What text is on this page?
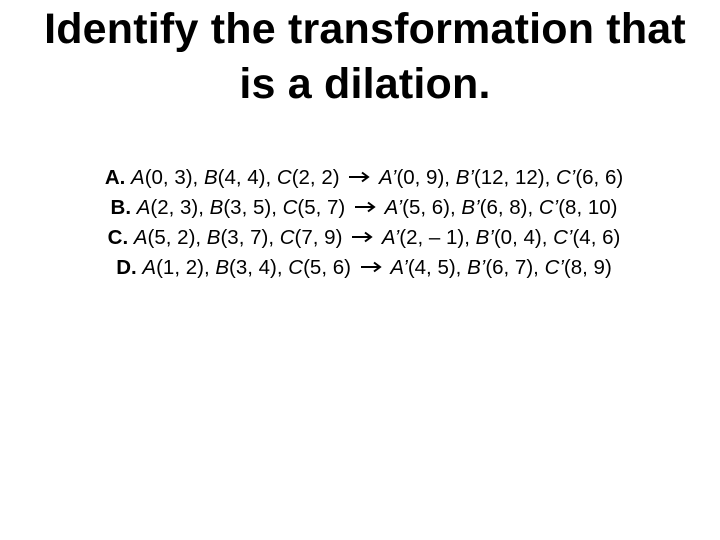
Identify the transformation that
is a dilation.
A. A(0, 3), B(4, 4), C(2, 2) A’(0, 9), B’(12, 12), C’(6, 6)
B. A(2, 3), B(3, 5), C(5, 7) A’(5, 6), B’(6, 8), C’(8, 10)
C. A(5, 2), B(3, 7), C(7, 9) A’(2, – 1), B’(0, 4), C’(4, 6)
D. A(1, 2), B(3, 4), C(5, 6) A’(4, 5), B’(6, 7), C’(8, 9)
